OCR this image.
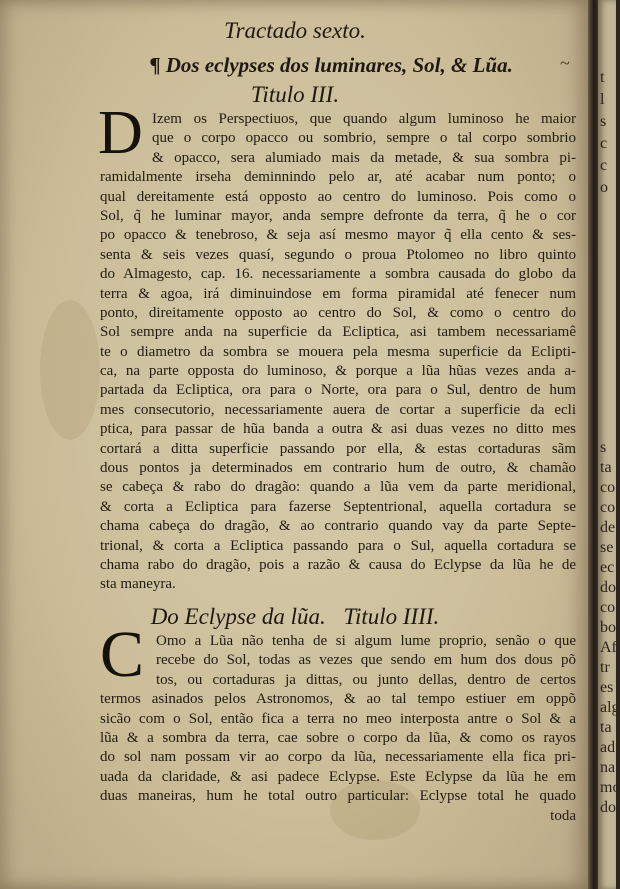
Tractado sexto.
¶ Dos eclypses dos luminares, Sol, & Lũa.	~
Titulo III.
D Izem os Perspectiuos, que quando algum luminoso he maior
que o corpo opacco ou sombrio, sempre o tal corpo sombrio
& opacco, sera alumiado mais da metade, & sua sombra pi-
ramidalmente irseha deminnindo pelo ar, até acabar num ponto; o
qual dereitamente está opposto ao centro do luminoso. Pois como o
Sol, q̃ he luminar mayor, anda sempre defronte da terra, q̃ he o cor
po opacco & tenebroso, & seja así mesmo mayor q̃ ella cento & ses-
senta & seis vezes quasí, segundo o proua Ptolomeo no libro quinto
do Almagesto, cap. 16. necessariamente a sombra causada do globo da
terra & agoa, irá diminuindose em forma piramidal até fenecer num
ponto, direitamente opposto ao centro do Sol, & como o centro do
Sol sempre anda na superficie da Ecliptica, asi tambem necessariamê
te o diametro da sombra se mouera pela mesma superficie da Eclipti-
ca, na parte opposta do luminoso, & porque a lũa hũas vezes anda a-
partada da Ecliptica, ora para o Norte, ora para o Sul, dentro de hum
mes consecutorio, necessariamente auera de cortar a superficie da ecli
ptica, para passar de hũa banda a outra & asi duas vezes no ditto mes
cortará a ditta superficie passando por ella, & estas cortaduras sãm
dous pontos ja determinados em contrario hum de outro, & chamão
se cabeça & rabo do dragão: quando a lũa vem da parte meridional,
& corta a Ecliptica para fazerse Septentrional, aquella cortadura se
chama cabeça do dragão, & ao contrario quando vay da parte Septe-
trional, & corta a Ecliptica passando para o Sul, aquella cortadura se
chama rabo do dragão, pois a razão & causa do Eclypse da lũa he de
sta maneyra.
Do Eclypse da lũa. Titulo IIII.
C Omo a Lũa não tenha de si algum lume proprio, senão o que
recebe do Sol, todas as vezes que sendo em hum dos dous põ
tos, ou cortaduras ja dittas, ou junto dellas, dentro de certos
termos asinados pelos Astronomos, & ao tal tempo estiuer em oppõ
sicão com o Sol, então fica a terra no meo interposta antre o Sol & a
lũa & a sombra da terra, cae sobre o corpo da lũa, & como os rayos
do sol nam possam vir ao corpo da lũa, necessariamente ella fica pri-
uada da claridade, & asi padece Eclypse. Este Eclypse da lũa he em
duas maneiras, hum he total outro particular: Eclypse total he quado
toda
t
l
s
c
c
o
s
ta
co
co
de
se
ec
do
co
bo
Af
tr
es
alg
ta
ad
na
mo
do
